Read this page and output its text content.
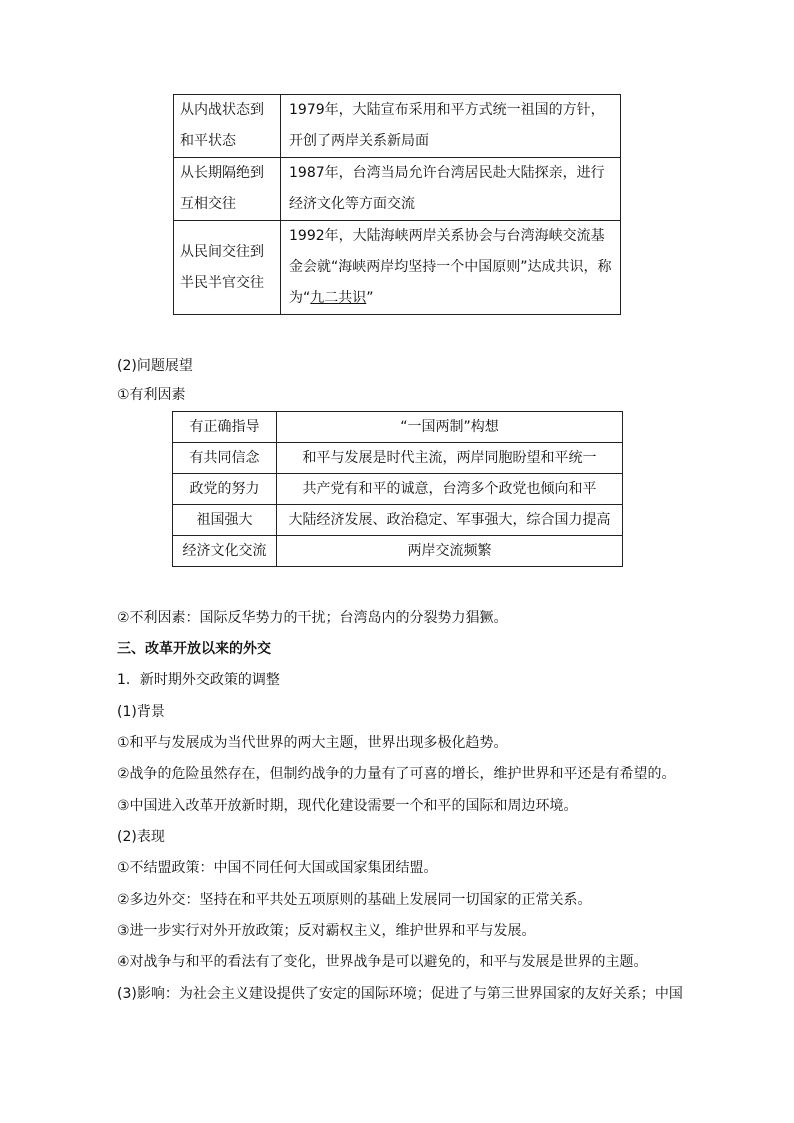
从内战状态到和平状态	1979年，大陆宣布采用和平方式统一祖国的方针，开创了两岸关系新局面
从长期隔绝到互相交往	1987年，台湾当局允许台湾居民赴大陆探亲，进行经济文化等方面交流
从民间交往到半民半官交往	1992年，大陆海峡两岸关系协会与台湾海峡交流基金会就“海峡两岸均坚持一个中国原则”达成共识，称为“九二共识”
(2)问题展望
①有利因素
有正确指导	“一国两制”构想
有共同信念	和平与发展是时代主流，两岸同胞盼望和平统一
政党的努力	共产党有和平的诚意，台湾多个政党也倾向和平
祖国强大	大陆经济发展、政治稳定、军事强大，综合国力提高
经济文化交流	两岸交流频繁
②不利因素：国际反华势力的干扰；台湾岛内的分裂势力猖獗。
三、改革开放以来的外交
1．新时期外交政策的调整
(1)背景
①和平与发展成为当代世界的两大主题，世界出现多极化趋势。
②战争的危险虽然存在，但制约战争的力量有了可喜的增长，维护世界和平还是有希望的。
③中国进入改革开放新时期，现代化建设需要一个和平的国际和周边环境。
(2)表现
①不结盟政策：中国不同任何大国或国家集团结盟。
②多边外交：坚持在和平共处五项原则的基础上发展同一切国家的正常关系。
③进一步实行对外开放政策；反对霸权主义，维护世界和平与发展。
④对战争与和平的看法有了变化，世界战争是可以避免的，和平与发展是世界的主题。
(3)影响：为社会主义建设提供了安定的国际环境；促进了与第三世界国家的友好关系；中国
